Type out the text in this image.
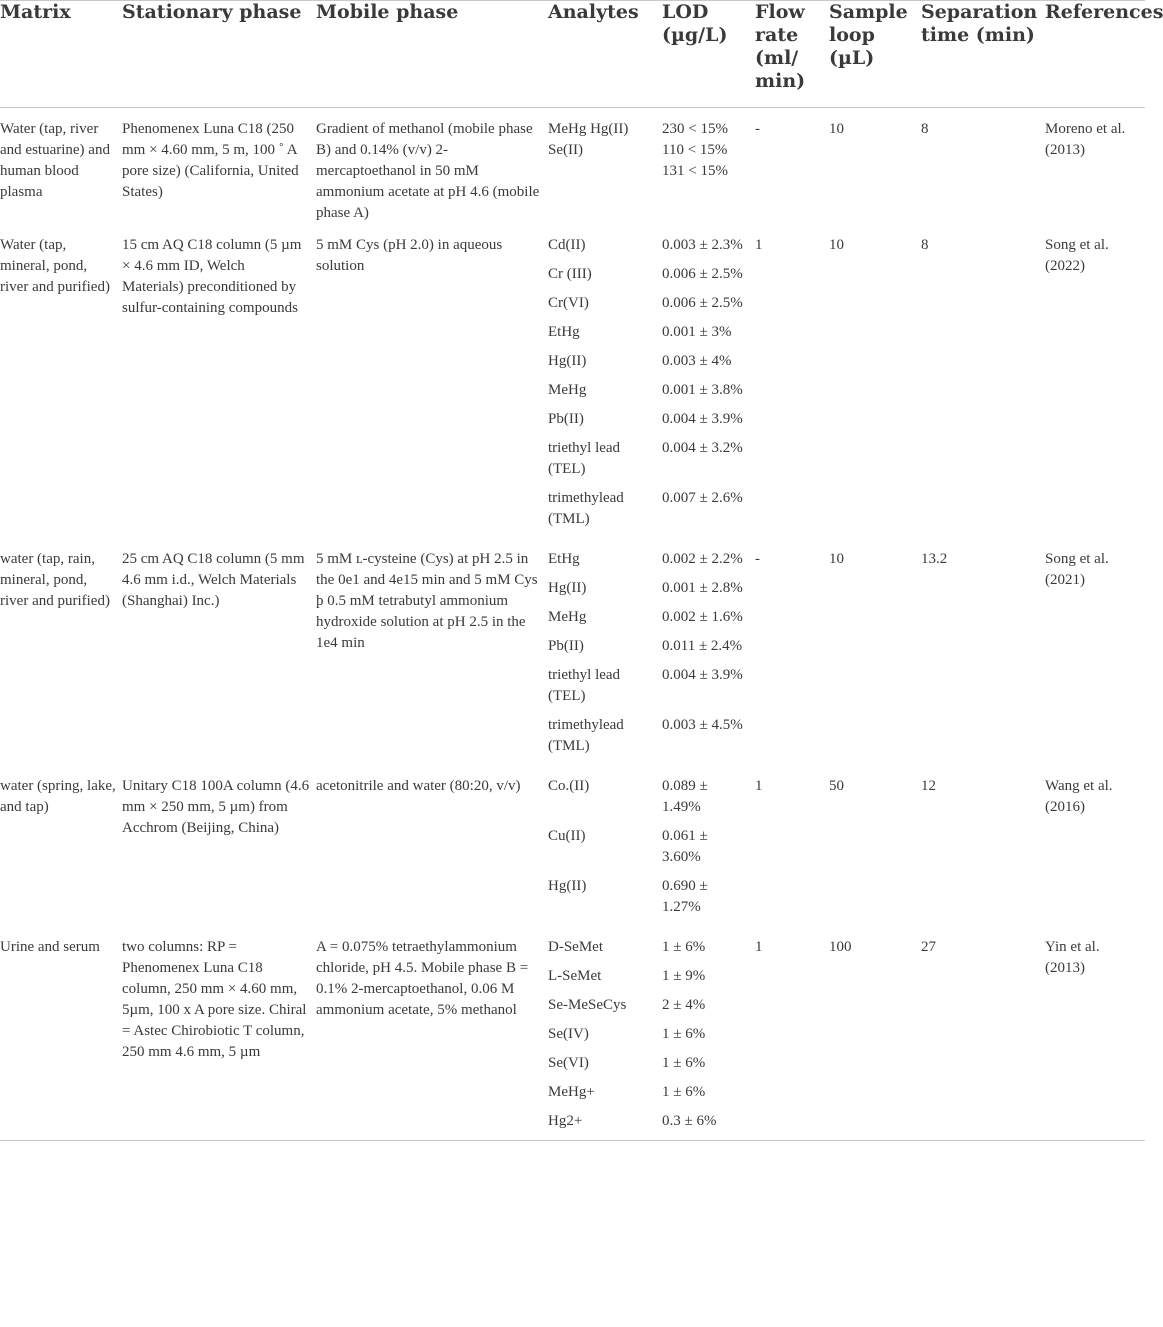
Matrix	Stationary phase	Mobile phase	Analytes	LOD (µg/L)	Flow rate (ml/ min)	Sample loop (µL)	Separation time (min)	References
Water (tap, river and estuarine) and human blood plasma	Phenomenex Luna C18 (250 mm × 4.60 mm, 5 m, 100 ˚ A pore size) (California, United States)	Gradient of methanol (mobile phase B) and 0.14% (v/v) 2-mercaptoethanol in 50 mM ammonium acetate at pH 4.6 (mobile phase A)	MeHg Hg(II) Se(II)	230 < 15% 110 < 15% 131 < 15%	-	10	8	Moreno et al. (2013)
Water (tap, mineral, pond, river and purified)	15 cm AQ C18 column (5 µm × 4.6 mm ID, Welch Materials) preconditioned by sulfur-containing compounds	5 mM Cys (pH 2.0) in aqueous solution	Cd(II)	0.003 ± 2.3%	1	10	8	Song et al. (2022)
			Cr (III)	0.006 ± 2.5%				
			Cr(VI)	0.006 ± 2.5%				
			EtHg	0.001 ± 3%				
			Hg(II)	0.003 ± 4%				
			MeHg	0.001 ± 3.8%				
			Pb(II)	0.004 ± 3.9%				
			triethyl lead (TEL)	0.004 ± 3.2%				
			trimethylead (TML)	0.007 ± 2.6%				
water (tap, rain, mineral, pond, river and purified)	25 cm AQ C18 column (5 mm 4.6 mm i.d., Welch Materials (Shanghai) Inc.)	5 mM ʟ-cysteine (Cys) at pH 2.5 in the 0e1 and 4e15 min and 5 mM Cys þ 0.5 mM tetrabutyl ammonium hydroxide solution at pH 2.5 in the 1e4 min	EtHg	0.002 ± 2.2%	-	10	13.2	Song et al. (2021)
			Hg(II)	0.001 ± 2.8%				
			MeHg	0.002 ± 1.6%				
			Pb(II)	0.011 ± 2.4%				
			triethyl lead (TEL)	0.004 ± 3.9%				
			trimethylead (TML)	0.003 ± 4.5%				
water (spring, lake, and tap)	Unitary C18 100A column (4.6 mm × 250 mm, 5 µm) from Acchrom (Beijing, China)	acetonitrile and water (80:20, v/v)	Co.(II)	0.089 ± 1.49%	1	50	12	Wang et al. (2016)
			Cu(II)	0.061 ± 3.60%				
			Hg(II)	0.690 ± 1.27%				
Urine and serum	two columns: RP = Phenomenex Luna C18 column, 250 mm × 4.60 mm, 5µm, 100 x A pore size. Chiral = Astec Chirobiotic T column, 250 mm 4.6 mm, 5 µm	A = 0.075% tetraethylammonium chloride, pH 4.5. Mobile phase B = 0.1% 2-mercaptoethanol, 0.06 M ammonium acetate, 5% methanol	D-SeMet	1 ± 6%	1	100	27	Yin et al. (2013)
			L-SeMet	1 ± 9%				
			Se-MeSeCys	2 ± 4%				
			Se(IV)	1 ± 6%				
			Se(VI)	1 ± 6%				
			MeHg+	1 ± 6%				
			Hg2+	0.3 ± 6%				
